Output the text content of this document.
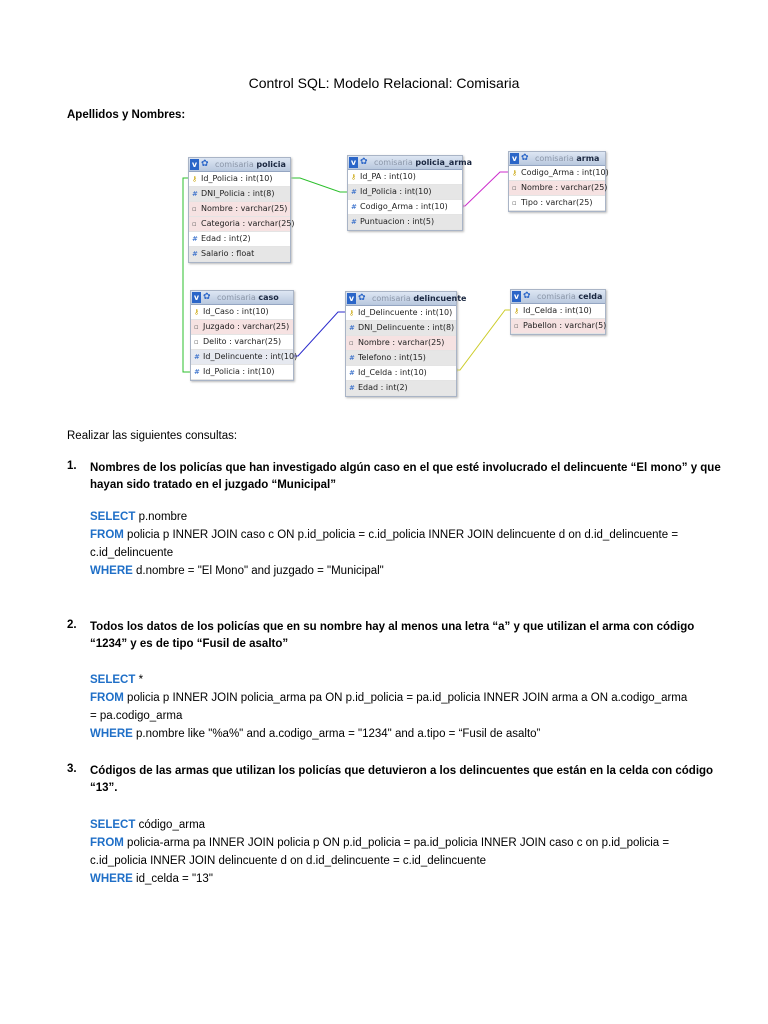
Control SQL: Modelo Relacional: Comisaria
Apellidos y Nombres:
v ✿ comisaria policia
⚷ Id_Policia : int(10)
# DNI_Policia : int(8)
▫ Nombre : varchar(25)
▫ Categoria : varchar(25)
# Edad : int(2)
# Salario : float
v ✿ comisaria policia_arma
⚷ Id_PA : int(10)
# Id_Policia : int(10)
# Codigo_Arma : int(10)
# Puntuacion : int(5)
v ✿ comisaria arma
⚷ Codigo_Arma : int(10)
▫ Nombre : varchar(25)
▫ Tipo : varchar(25)
v ✿ comisaria caso
⚷ Id_Caso : int(10)
▫ Juzgado : varchar(25)
▫ Delito : varchar(25)
# Id_Delincuente : int(10)
# Id_Policia : int(10)
v ✿ comisaria delincuente
⚷ Id_Delincuente : int(10)
# DNI_Delincuente : int(8)
▫ Nombre : varchar(25)
# Telefono : int(15)
# Id_Celda : int(10)
# Edad : int(2)
v ✿ comisaria celda
⚷ Id_Celda : int(10)
▫ Pabellon : varchar(5)
Realizar las siguientes consultas:
1. Nombres de los policías que han investigado algún caso en el que esté involucrado el delincuente “El mono” y que hayan sido tratado en el juzgado “Municipal”
SELECT p.nombre
FROM policia p INNER JOIN caso c ON p.id_policia = c.id_policia INNER JOIN delincuente d on d.id_delincuente = c.id_delincuente
WHERE d.nombre = "El Mono" and juzgado = "Municipal"
2. Todos los datos de los policías que en su nombre hay al menos una letra “a” y que utilizan el arma con código “1234” y es de tipo “Fusil de asalto”
SELECT *
FROM policia p INNER JOIN policia_arma pa ON p.id_policia = pa.id_policia INNER JOIN arma a ON a.codigo_arma = pa.codigo_arma
WHERE p.nombre like "%a%" and a.codigo_arma = "1234" and a.tipo = “Fusil de asalto”
3. Códigos de las armas que utilizan los policías que detuvieron a los delincuentes que están en la celda con código “13”.
SELECT código_arma
FROM policia-arma pa INNER JOIN policia p ON p.id_policia = pa.id_policia INNER JOIN caso c on p.id_policia = c.id_policia INNER JOIN delincuente d on d.id_delincuente = c.id_delincuente
WHERE id_celda = "13"
